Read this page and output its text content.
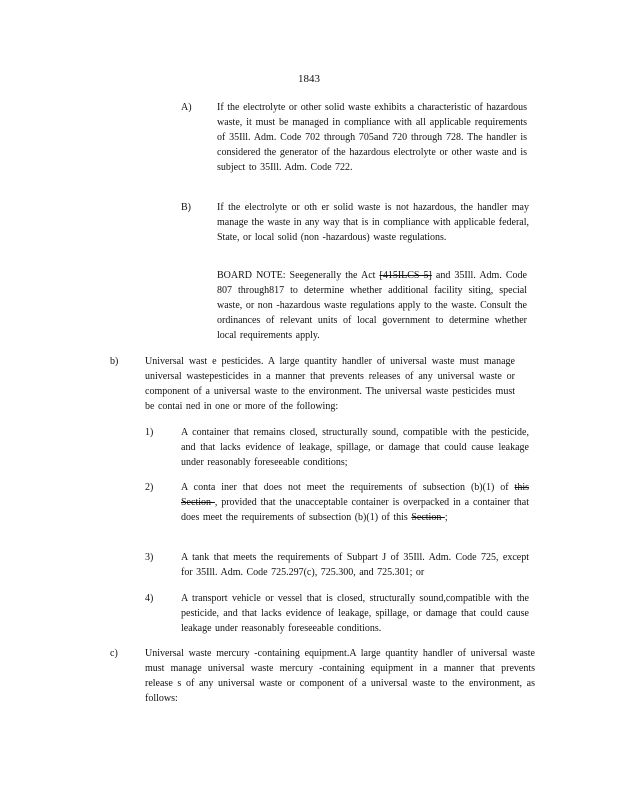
1843
A)	If the electrolyte or other solid waste exhibits a characteristic of hazardous waste, it must be managed in compliance with all applicable requirements of 35Ill. Adm. Code 702 through 705and 720 through 728. The handler is considered the generator of the hazardous electrolyte or other waste and is subject to 35Ill. Adm. Code 722.
B)	If the electrolyte or oth er solid waste is not hazardous, the handler may manage the waste in any way that is in compliance with applicable federal, State, or local solid (non -hazardous) waste regulations.
BOARD NOTE: Seegenerally the Act [415ILCS 5] and 35Ill. Adm. Code 807 through817 to determine whether additional facility siting, special waste, or non -hazardous waste regulations apply to the waste. Consult the ordinances of relevant units of local government to determine whether local requirements apply.
b)	Universal wast e pesticides. A large quantity handler of universal waste must manage universal wastepesticides in a manner that prevents releases of any universal waste or component of a universal waste to the environment. The universal waste pesticides must be contai ned in one or more of the following:
1)	A container that remains closed, structurally sound, compatible with the pesticide, and that lacks evidence of leakage, spillage, or damage that could cause leakage under reasonably foreseeable conditions;
2)	A conta iner that does not meet the requirements of subsection (b)(1) of this Section , provided that the unacceptable container is overpacked in a container that does meet the requirements of subsection (b)(1) of this Section ;
3)	A tank that meets the requirements of Subpart J of 35Ill. Adm. Code 725, except for 35Ill. Adm. Code 725.297(c), 725.300, and 725.301; or
4)	A transport vehicle or vessel that is closed, structurally sound,compatible with the pesticide, and that lacks evidence of leakage, spillage, or damage that could cause leakage under reasonably foreseeable conditions.
c)	Universal waste mercury -containing equipment.A large quantity handler of universal waste must manage universal waste mercury -containing equipment in a manner that prevents release s of any universal waste or component of a universal waste to the environment, as follows:
